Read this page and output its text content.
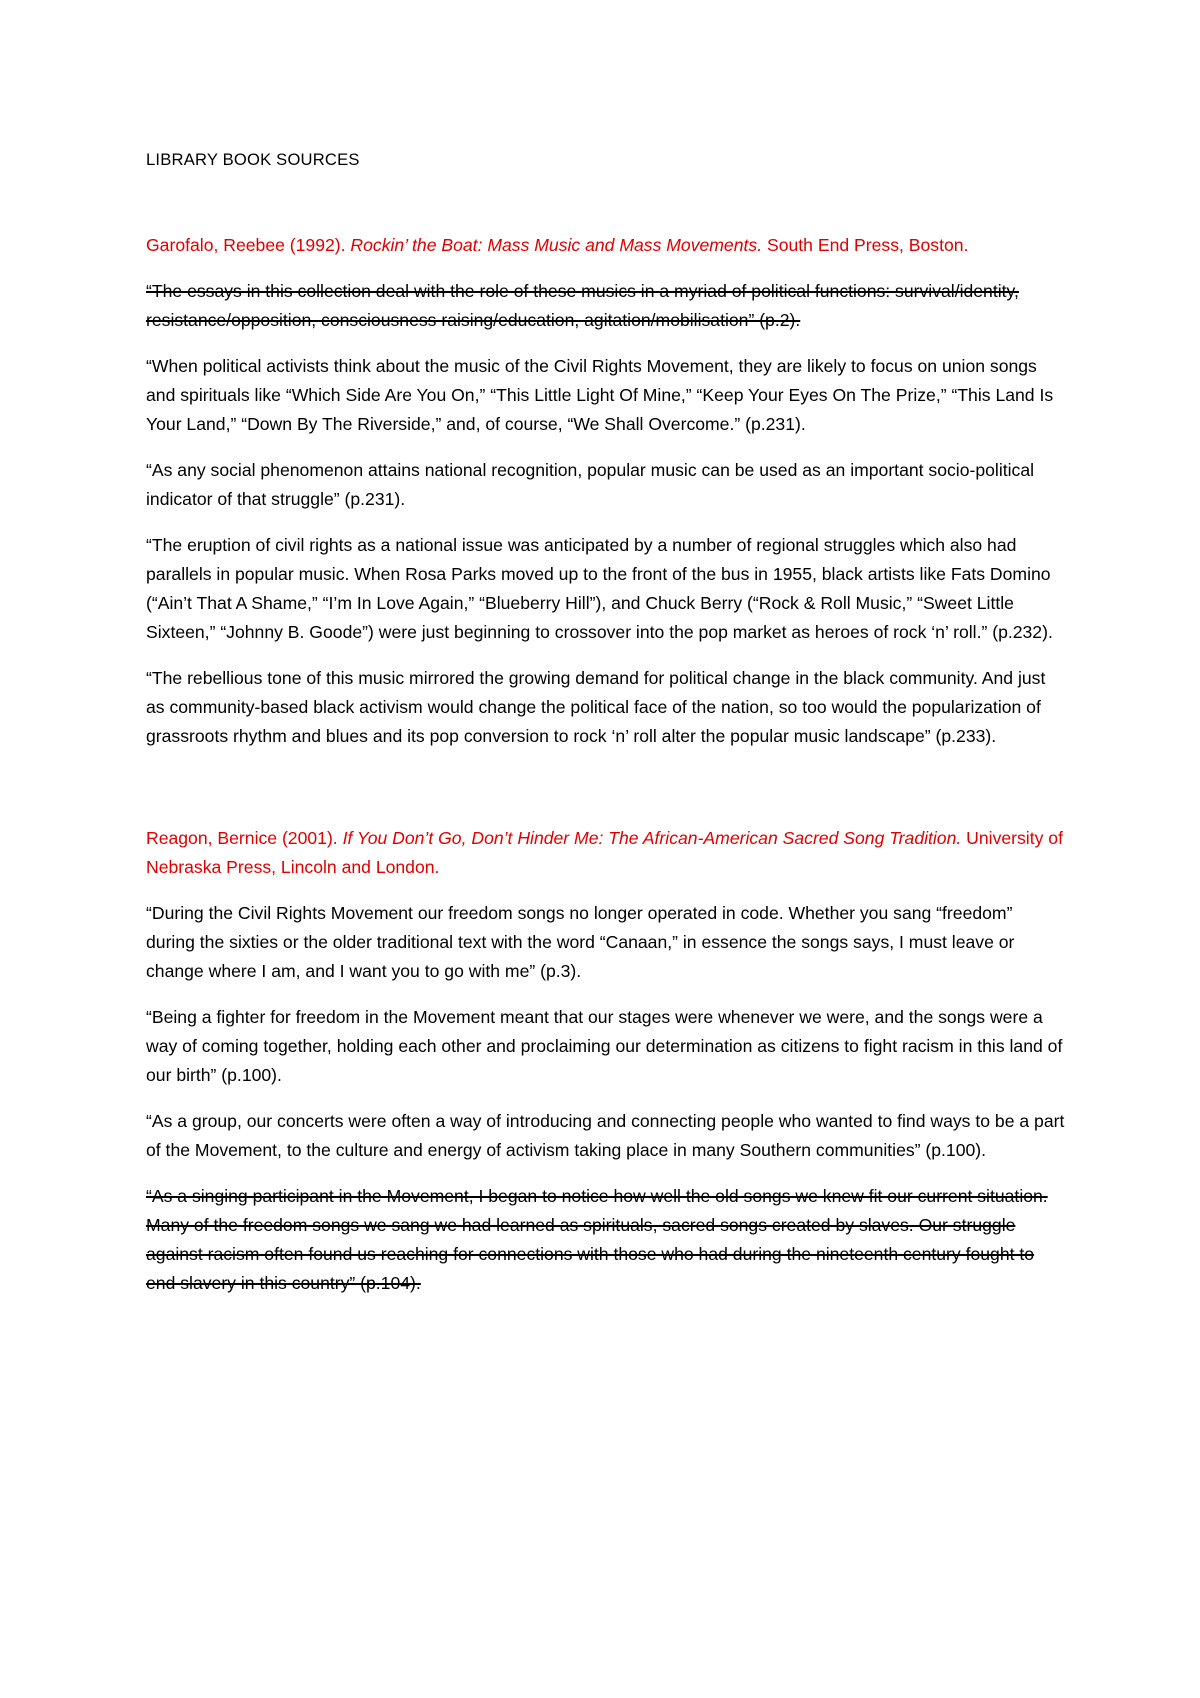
LIBRARY BOOK SOURCES

Garofalo, Reebee (1992). Rockin’ the Boat: Mass Music and Mass Movements. South End Press, Boston.

“The essays in this collection deal with the role of these musics in a myriad of political functions: survival/identity, resistance/opposition, consciousness raising/education, agitation/mobilisation” (p.2).

“When political activists think about the music of the Civil Rights Movement, they are likely to focus on union songs and spirituals like “Which Side Are You On,” “This Little Light Of Mine,” “Keep Your Eyes On The Prize,” “This Land Is Your Land,” “Down By The Riverside,” and, of course, “We Shall Overcome.” (p.231).

“As any social phenomenon attains national recognition, popular music can be used as an important socio-political indicator of that struggle” (p.231).

“The eruption of civil rights as a national issue was anticipated by a number of regional struggles which also had parallels in popular music. When Rosa Parks moved up to the front of the bus in 1955, black artists like Fats Domino (“Ain’t That A Shame,” “I’m In Love Again,” “Blueberry Hill”), and Chuck Berry (“Rock & Roll Music,” “Sweet Little Sixteen,” “Johnny B. Goode”) were just beginning to crossover into the pop market as heroes of rock ‘n’ roll.” (p.232).

“The rebellious tone of this music mirrored the growing demand for political change in the black community. And just as community-based black activism would change the political face of the nation, so too would the popularization of grassroots rhythm and blues and its pop conversion to rock ‘n’ roll alter the popular music landscape” (p.233).

Reagon, Bernice (2001). If You Don’t Go, Don’t Hinder Me: The African-American Sacred Song Tradition. University of Nebraska Press, Lincoln and London.

“During the Civil Rights Movement our freedom songs no longer operated in code. Whether you sang “freedom” during the sixties or the older traditional text with the word “Canaan,” in essence the songs says, I must leave or change where I am, and I want you to go with me” (p.3).

“Being a fighter for freedom in the Movement meant that our stages were whenever we were, and the songs were a way of coming together, holding each other and proclaiming our determination as citizens to fight racism in this land of our birth” (p.100).

“As a group, our concerts were often a way of introducing and connecting people who wanted to find ways to be a part of the Movement, to the culture and energy of activism taking place in many Southern communities” (p.100).

“As a singing participant in the Movement, I began to notice how well the old songs we knew fit our current situation. Many of the freedom songs we sang we had learned as spirituals, sacred songs created by slaves. Our struggle against racism often found us reaching for connections with those who had during the nineteenth century fought to end slavery in this country” (p.104).
